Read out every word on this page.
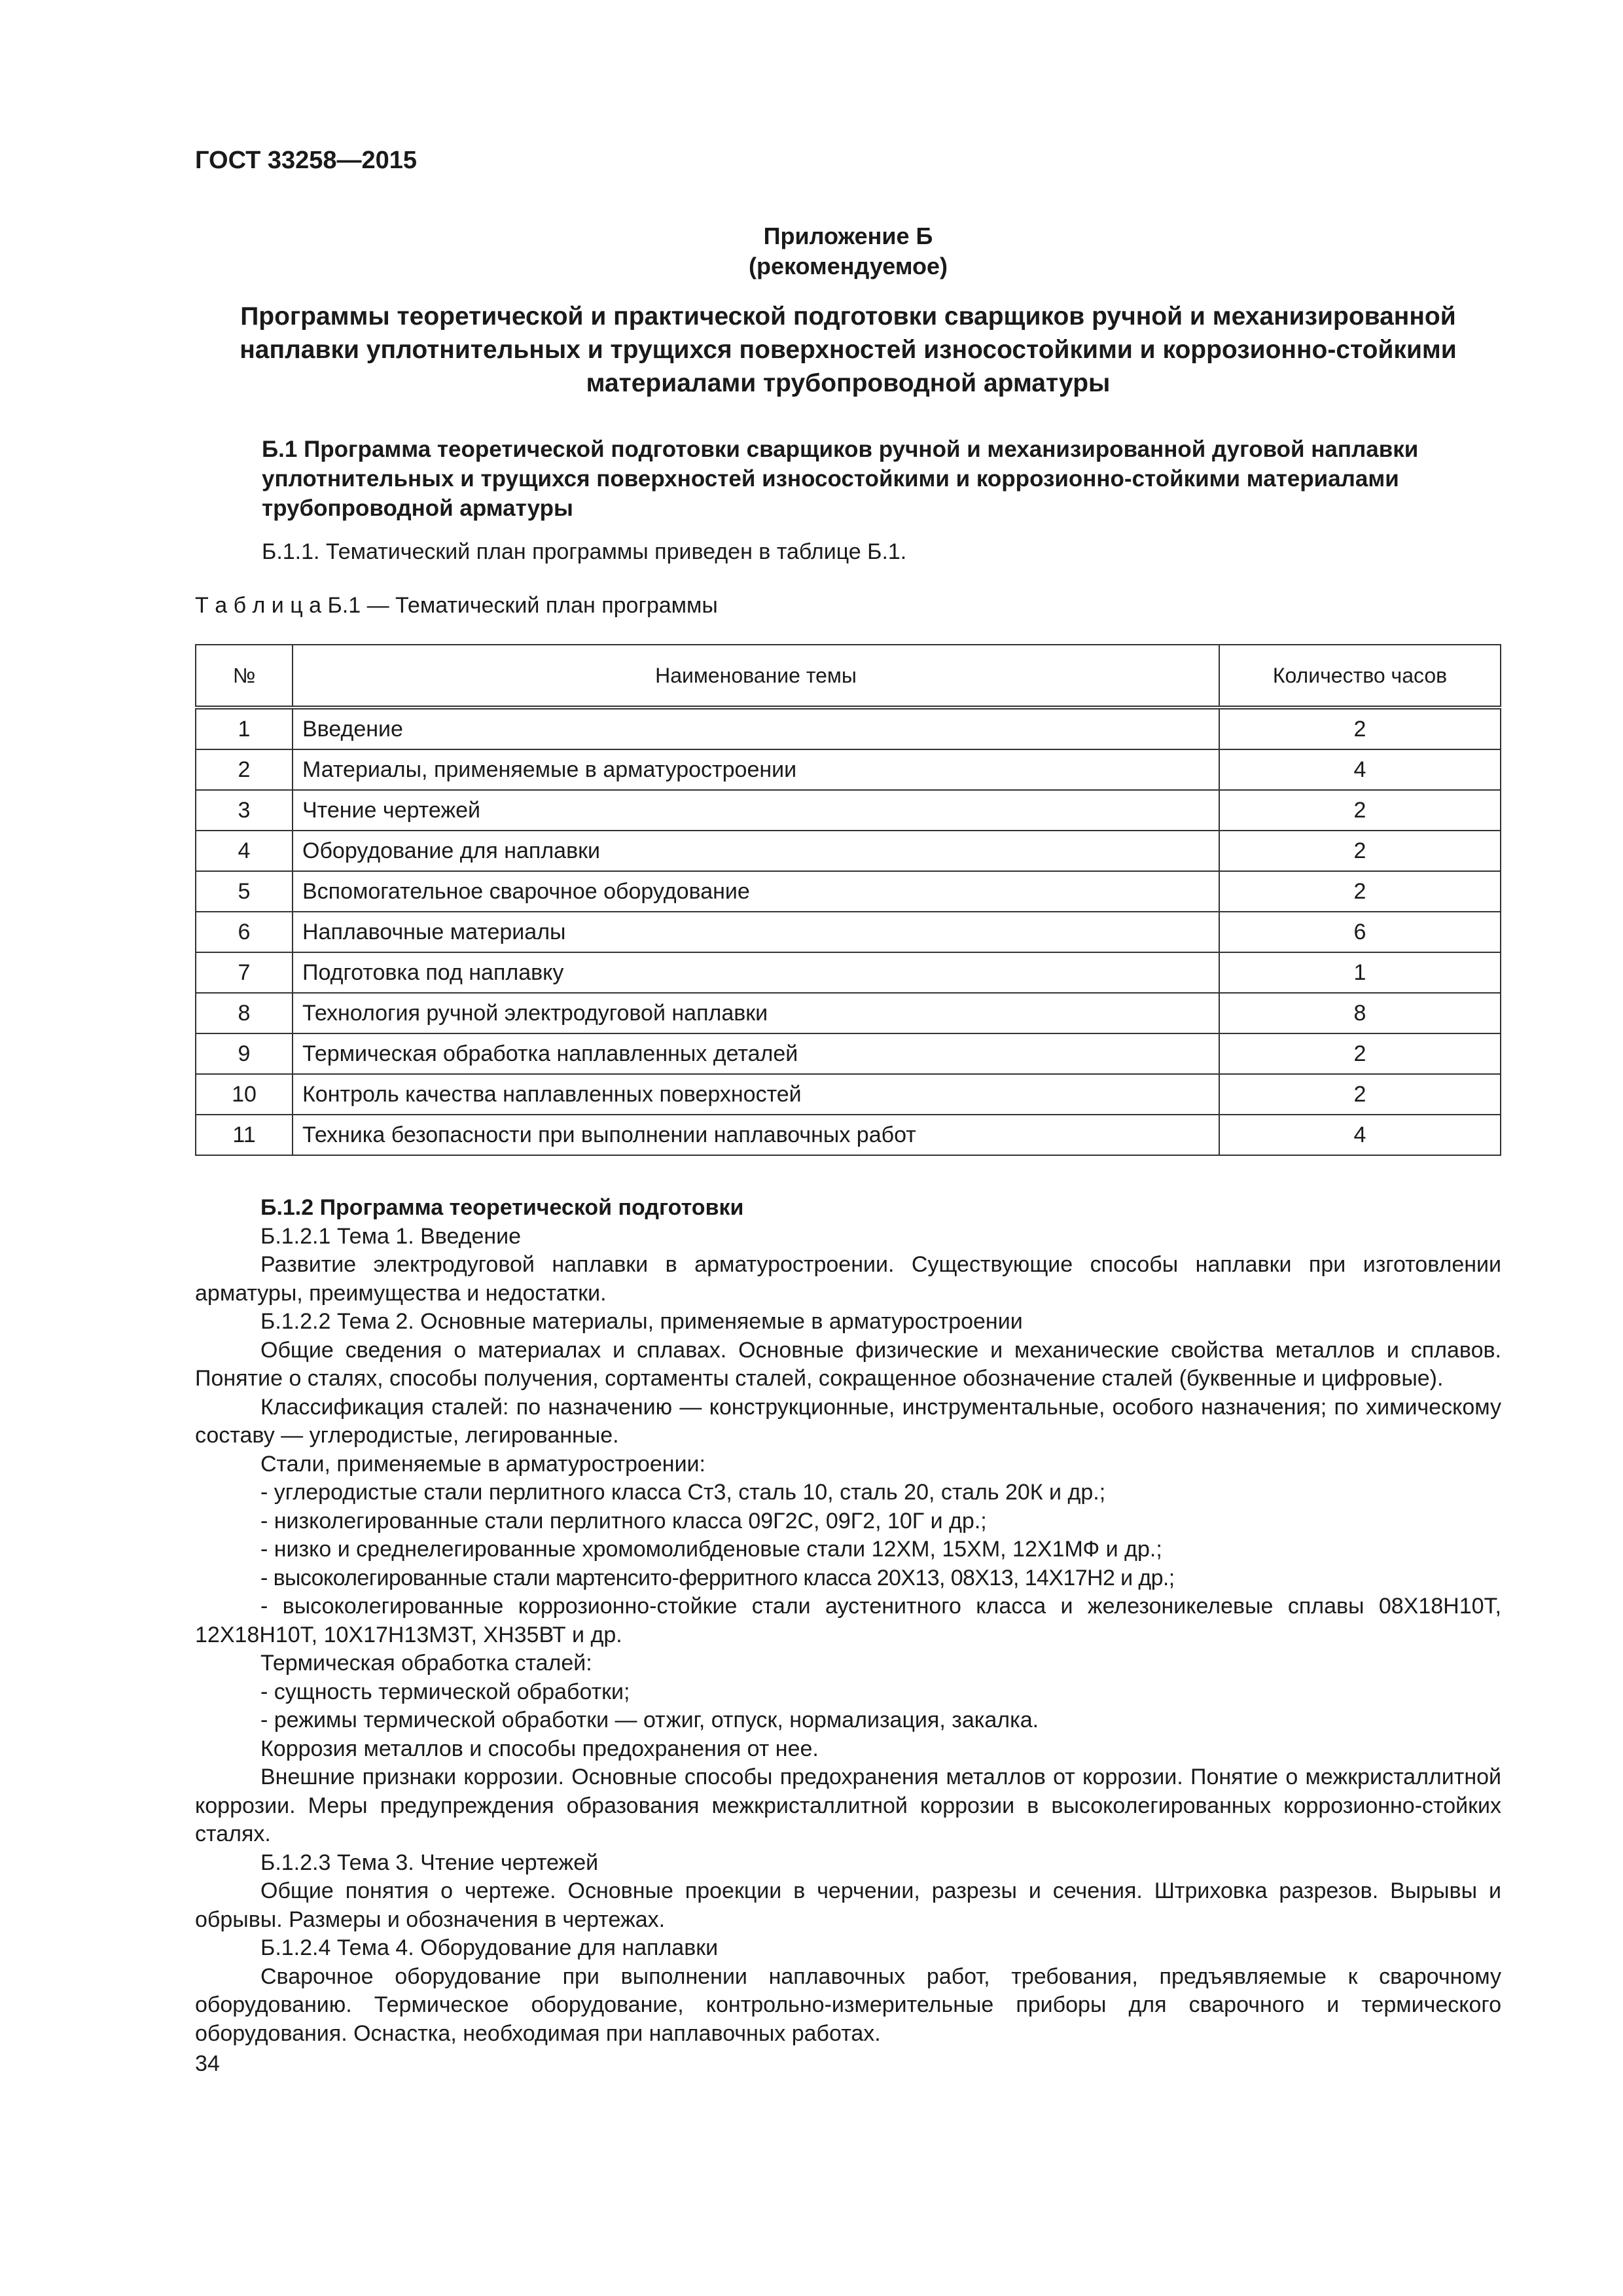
ГОСТ 33258—2015
Приложение Б
(рекомендуемое)
Программы теоретической и практической подготовки сварщиков ручной и механизированной наплавки уплотнительных и трущихся поверхностей износостойкими и коррозионно-стойкими материалами трубопроводной арматуры
Б.1 Программа теоретической подготовки сварщиков ручной и механизированной дуговой наплавки уплотнительных и трущихся поверхностей износостойкими и коррозионно-стойкими материалами трубопроводной арматуры
Б.1.1. Тематический план программы приведен в таблице Б.1.
Т а б л и ц а Б.1 — Тематический план программы
№	Наименование темы	Количество часов
1	Введение	2
2	Материалы, применяемые в арматуростроении	4
3	Чтение чертежей	2
4	Оборудование для наплавки	2
5	Вспомогательное сварочное оборудование	2
6	Наплавочные материалы	6
7	Подготовка под наплавку	1
8	Технология ручной электродуговой наплавки	8
9	Термическая обработка наплавленных деталей	2
10	Контроль качества наплавленных поверхностей	2
11	Техника безопасности при выполнении наплавочных работ	4

Б.1.2 Программа теоретической подготовки

Б.1.2.1 Тема 1. Введение

Развитие электродуговой наплавки в арматуростроении. Существующие способы наплавки при изготовлении арматуры, преимущества и недостатки.

Б.1.2.2 Тема 2. Основные материалы, применяемые в арматуростроении

Общие сведения о материалах и сплавах. Основные физические и механические свойства металлов и сплавов. Понятие о сталях, способы получения, сортаменты сталей, сокращенное обозначение сталей (буквенные и цифровые).

Классификация сталей: по назначению — конструкционные, инструментальные, особого назначения; по химическому составу — углеродистые, легированные.

Стали, применяемые в арматуростроении:

- углеродистые стали перлитного класса Ст3, сталь 10, сталь 20, сталь 20К и др.;

- низколегированные стали перлитного класса 09Г2С, 09Г2, 10Г и др.;

- низко и среднелегированные хромомолибденовые стали 12ХМ, 15ХМ, 12Х1МФ и др.;

- высоколегированные стали мартенсито-ферритного класса 20Х13, 08Х13, 14Х17Н2 и др.;

- высоколегированные коррозионно-стойкие стали аустенитного класса и железоникелевые сплавы 08Х18Н10Т, 12Х18Н10Т, 10Х17Н13М3Т, ХН35ВТ и др.

Термическая обработка сталей:

- сущность термической обработки;

- режимы термической обработки — отжиг, отпуск, нормализация, закалка.

Коррозия металлов и способы предохранения от нее.

Внешние признаки коррозии. Основные способы предохранения металлов от коррозии. Понятие о межкристаллитной коррозии. Меры предупреждения образования межкристаллитной коррозии в высоколегированных коррозионно-стойких сталях.

Б.1.2.3 Тема 3. Чтение чертежей

Общие понятия о чертеже. Основные проекции в черчении, разрезы и сечения. Штриховка разрезов. Вырывы и обрывы. Размеры и обозначения в чертежах.

Б.1.2.4 Тема 4. Оборудование для наплавки

Сварочное оборудование при выполнении наплавочных работ, требования, предъявляемые к сварочному оборудованию. Термическое оборудование, контрольно-измерительные приборы для сварочного и термического оборудования. Оснастка, необходимая при наплавочных работах.

34
